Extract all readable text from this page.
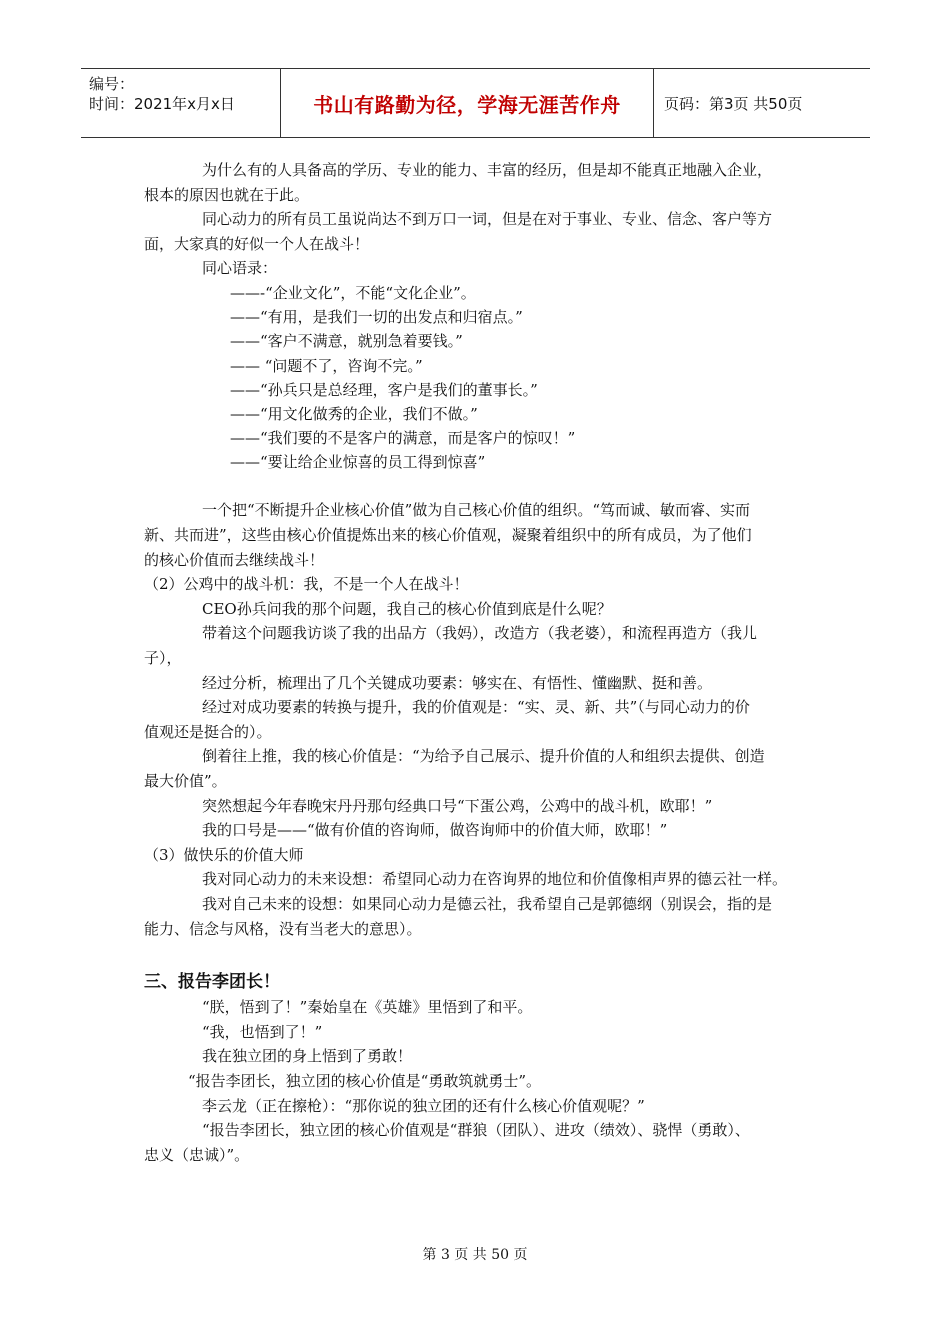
编号：
时间：2021年x月x日	书山有路勤为径，学海无涯苦作舟	页码：第3页 共50页
为什么有的人具备高的学历、专业的能力、丰富的经历，但是却不能真正地融入企业，
根本的原因也就在于此。
同心动力的所有员工虽说尚达不到万口一词，但是在对于事业、专业、信念、客户等方
面，大家真的好似一个人在战斗！
同心语录：
——-“企业文化”，不能“文化企业”。
——“有用，是我们一切的出发点和归宿点。”
——“客户不满意，就别急着要钱。”
—— “问题不了，咨询不完。”
——“孙兵只是总经理，客户是我们的董事长。”
——“用文化做秀的企业，我们不做。”
——“我们要的不是客户的满意，而是客户的惊叹！”
——“要让给企业惊喜的员工得到惊喜”
一个把“不断提升企业核心价值”做为自己核心价值的组织。“笃而诚、敏而睿、实而
新、共而进”，这些由核心价值提炼出来的核心价值观，凝聚着组织中的所有成员，为了他们
的核心价值而去继续战斗！
（2）公鸡中的战斗机：我，不是一个人在战斗！
CEO孙兵问我的那个问题，我自己的核心价值到底是什么呢？
带着这个问题我访谈了我的出品方（我妈），改造方（我老婆），和流程再造方（我儿
子），
经过分析，梳理出了几个关键成功要素：够实在、有悟性、懂幽默、挺和善。
经过对成功要素的转换与提升，我的价值观是：“实、灵、新、共”（与同心动力的价
值观还是挺合的）。
倒着往上推，我的核心价值是：“为给予自己展示、提升价值的人和组织去提供、创造
最大价值”。
突然想起今年春晚宋丹丹那句经典口号“下蛋公鸡，公鸡中的战斗机，欧耶！”
我的口号是——“做有价值的咨询师，做咨询师中的价值大师，欧耶！”
（3）做快乐的价值大师
我对同心动力的未来设想：希望同心动力在咨询界的地位和价值像相声界的德云社一样。
我对自己未来的设想：如果同心动力是德云社，我希望自己是郭德纲（别误会，指的是
能力、信念与风格，没有当老大的意思）。
三、报告李团长！
“朕，悟到了！”秦始皇在《英雄》里悟到了和平。
“我，也悟到了！”
我在独立团的身上悟到了勇敢！
“报告李团长，独立团的核心价值是“勇敢筑就勇士”。
李云龙（正在擦枪）：“那你说的独立团的还有什么核心价值观呢？”
“报告李团长，独立团的核心价值观是“群狼（团队）、进攻（绩效）、骁悍（勇敢）、
忠义（忠诚）”。
第 3 页 共 50 页
